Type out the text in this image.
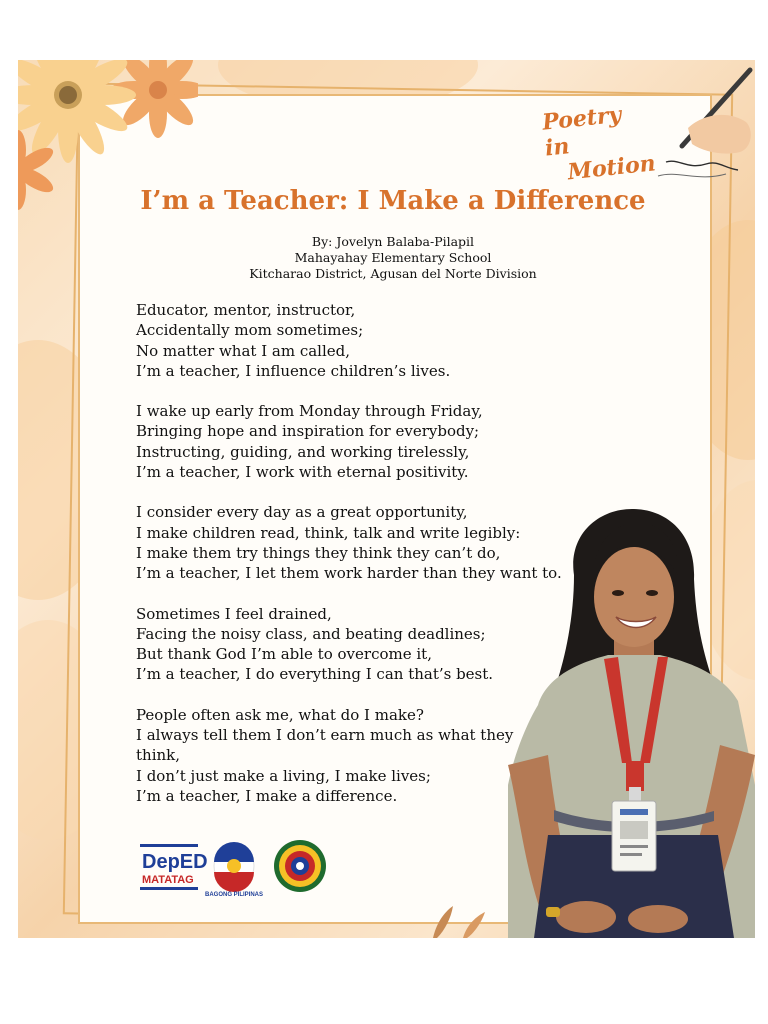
Poetry in
Motion
I’m a Teacher: I Make a Difference
By: Jovelyn Balaba-Pilapil
Mahayahay Elementary School
Kitcharao District, Agusan del Norte Division
Educator, mentor, instructor,
Accidentally mom sometimes;
No matter what I am called,
I’m a teacher, I influence children’s lives.
I wake up early from Monday through Friday,
Bringing hope and inspiration for everybody;
Instructing, guiding, and working tirelessly,
I’m a teacher, I work with eternal positivity.
I consider every day as a great opportunity,
I make children read, think, talk and write legibly:
I make them try things they think they can’t do,
I’m a teacher, I let them work harder than they want to.
Sometimes I feel drained,
Facing the noisy class, and beating deadlines;
But thank God I’m able to overcome it,
I’m a teacher, I do everything I can that’s best.
People often ask me, what do I make?
I always tell them I don’t earn much as what they
think,
I don’t just make a living, I make lives;
I’m a teacher, I make a difference.
DepED
MATATAG
BAGONG PILIPINAS
